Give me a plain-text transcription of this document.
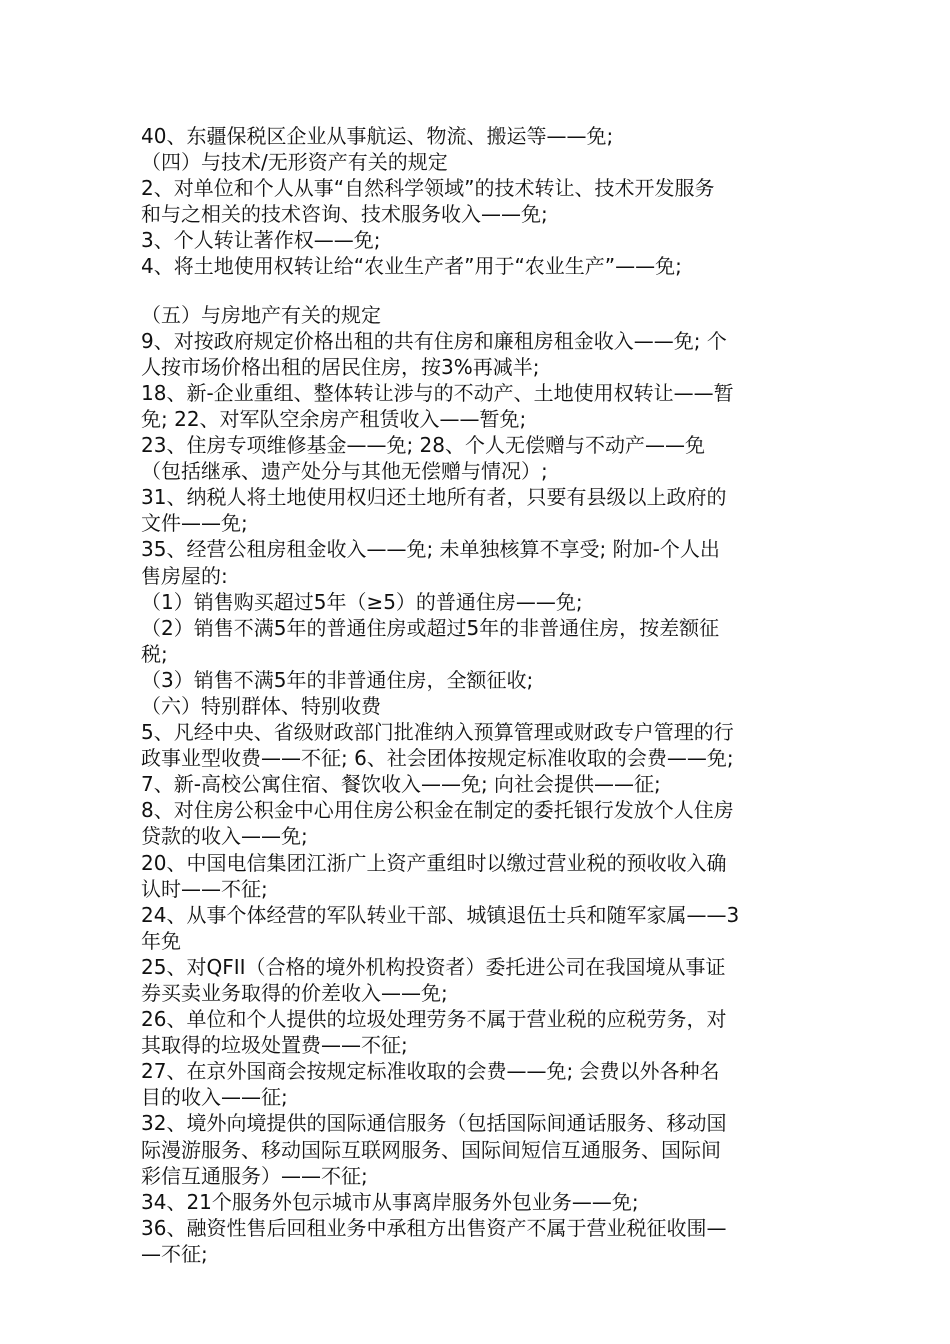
40、东疆保税区企业从事航运、物流、搬运等——免;
（四）与技术/无形资产有关的规定
2、对单位和个人从事“自然科学领域”的技术转让、技术开发服务
和与之相关的技术咨询、技术服务收入——免;
3、个人转让著作权——免;
4、将土地使用权转让给“农业生产者”用于“农业生产”——免;
（五）与房地产有关的规定
9、对按政府规定价格出租的共有住房和廉租房租金收入——免; 个
人按市场价格出租的居民住房，按3%再减半;
18、新-企业重组、整体转让涉与的不动产、土地使用权转让——暂
免; 22、对军队空余房产租赁收入——暂免;
23、住房专项维修基金——免; 28、个人无偿赠与不动产——免
（包括继承、遗产处分与其他无偿赠与情况）;
31、纳税人将土地使用权归还土地所有者，只要有县级以上政府的
文件——免;
35、经营公租房租金收入——免; 未单独核算不享受; 附加-个人出
售房屋的:
（1）销售购买超过5年（≥5）的普通住房——免;
（2）销售不满5年的普通住房或超过5年的非普通住房，按差额征
税;
（3）销售不满5年的非普通住房，全额征收;
（六）特别群体、特别收费
5、凡经中央、省级财政部门批准纳入预算管理或财政专户管理的行
政事业型收费——不征; 6、社会团体按规定标准收取的会费——免;
7、新-高校公寓住宿、餐饮收入——免; 向社会提供——征;
8、对住房公积金中心用住房公积金在制定的委托银行发放个人住房
贷款的收入——免;
20、中国电信集团江浙广上资产重组时以缴过营业税的预收收入确
认时——不征;
24、从事个体经营的军队转业干部、城镇退伍士兵和随军家属——3
年免
25、对QFII（合格的境外机构投资者）委托进公司在我国境从事证
券买卖业务取得的价差收入——免;
26、单位和个人提供的垃圾处理劳务不属于营业税的应税劳务，对
其取得的垃圾处置费——不征;
27、在京外国商会按规定标准收取的会费——免; 会费以外各种名
目的收入——征;
32、境外向境提供的国际通信服务（包括国际间通话服务、移动国
际漫游服务、移动国际互联网服务、国际间短信互通服务、国际间
彩信互通服务）——不征;
34、21个服务外包示城市从事离岸服务外包业务——免;
36、融资性售后回租业务中承租方出售资产不属于营业税征收围—
—不征;
